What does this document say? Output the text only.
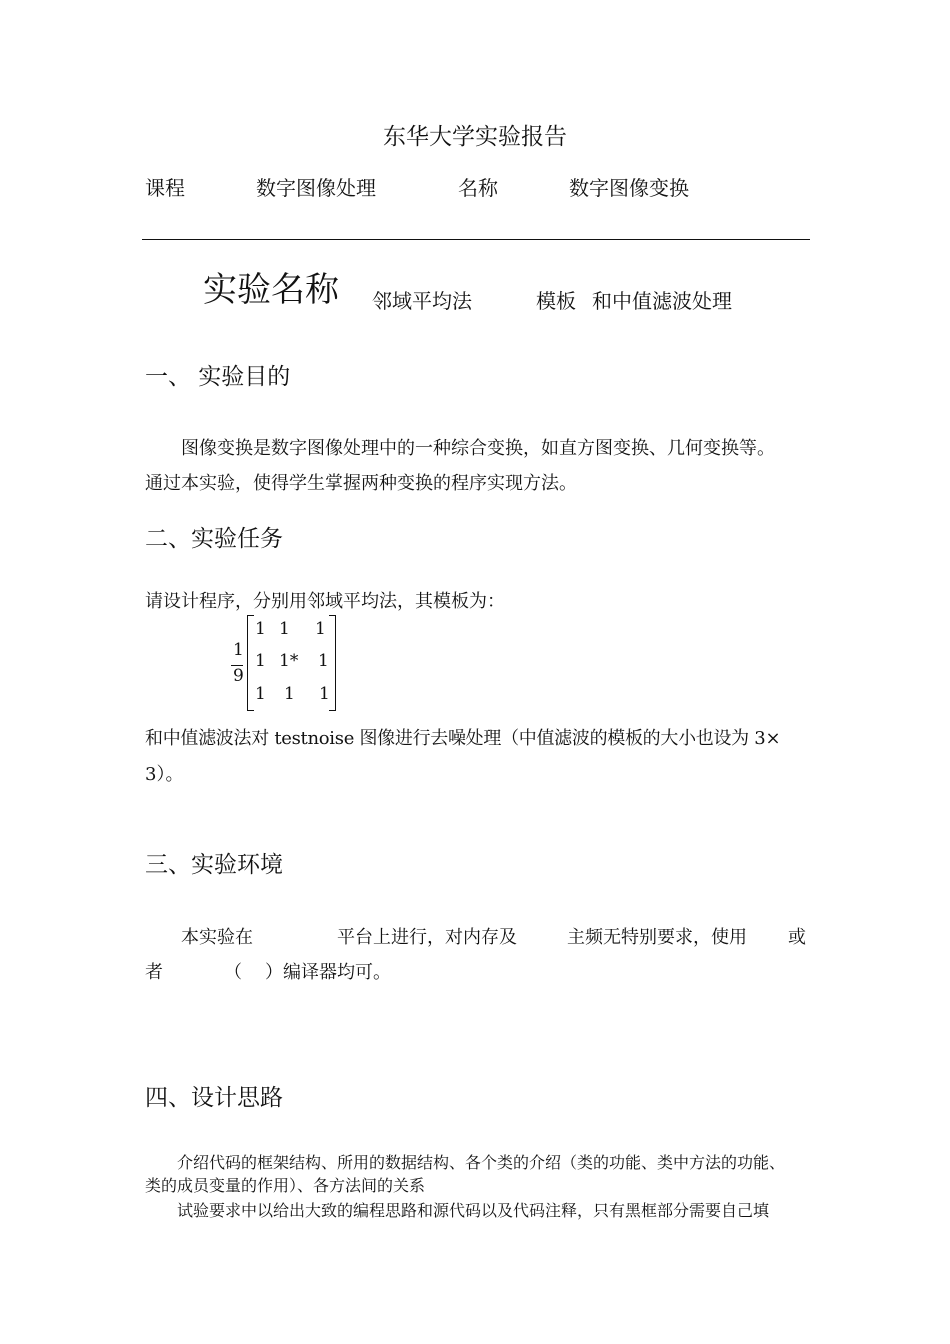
东华大学实验报告
课程	数字图像处理	名称	数字图像变换
实验名称 邻域平均法	模板 和中值滤波处理
一、 实验目的
图像变换是数字图像处理中的一种综合变换，如直方图变换、几何变换等。
通过本实验，使得学生掌握两种变换的程序实现方法。
二、实验任务
请设计程序，分别用邻域平均法，其模板为：
1
9
1 1 1
1 1* 1
1 1 1
和中值滤波法对 testnoise 图像进行去噪处理（中值滤波的模板的大小也设为 3×
3）。
三、实验环境
本实验在	平台上进行，对内存及	主频无特别要求，使用 或
者	（ ）编译器均可。
四、设计思路
介绍代码的框架结构、所用的数据结构、各个类的介绍（类的功能、类中方法的功能、
类的成员变量的作用）、各方法间的关系
试验要求中以给出大致的编程思路和源代码以及代码注释，只有黑框部分需要自己填
